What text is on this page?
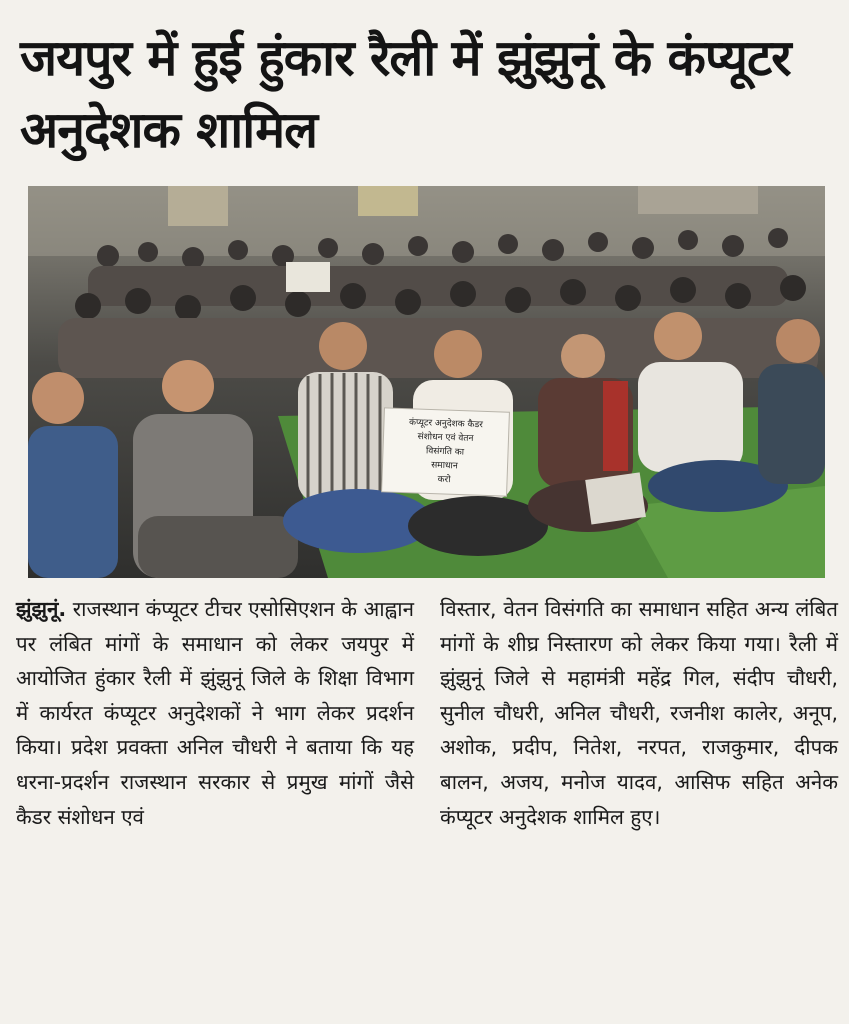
जयपुर में हुई हुंकार रैली में झुंझुनूं के कंप्यूटर अनुदेशक शामिल
कंप्यूटर अनुदेशक कैडर
संशोधन एवं वेतन
विसंगति का
समाधान
करो

झुंझुनूं. राजस्थान कंप्यूटर टीचर एसोसिएशन के आह्वान पर लंबित मांगों के समाधान को लेकर जयपुर में आयोजित हुंकार रैली में झुंझुनूं जिले के शिक्षा विभाग में कार्यरत कंप्यूटर अनुदेशकों ने भाग लेकर प्रदर्शन किया। प्रदेश प्रवक्ता अनिल चौधरी ने बताया कि यह धरना-प्रदर्शन राजस्थान सरकार से प्रमुख मांगों जैसे कैडर संशोधन एवं

विस्तार, वेतन विसंगति का समाधान सहित अन्य लंबित मांगों के शीघ्र निस्तारण को लेकर किया गया। रैली में झुंझुनूं जिले से महामंत्री महेंद्र गिल, संदीप चौधरी, सुनील चौधरी, अनिल चौधरी, रजनीश कालेर, अनूप, अशोक, प्रदीप, नितेश, नरपत, राजकुमार, दीपक बालन, अजय, मनोज यादव, आसिफ सहित अनेक कंप्यूटर अनुदेशक शामिल हुए।
